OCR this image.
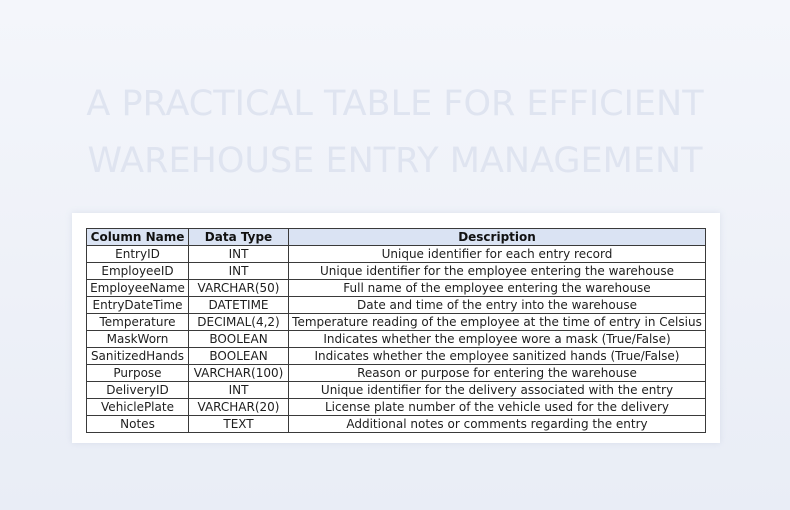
A PRACTICAL TABLE FOR EFFICIENT
WAREHOUSE ENTRY MANAGEMENT
Column Name	Data Type	Description
EntryID	INT	Unique identifier for each entry record
EmployeeID	INT	Unique identifier for the employee entering the warehouse
EmployeeName	VARCHAR(50)	Full name of the employee entering the warehouse
EntryDateTime	DATETIME	Date and time of the entry into the warehouse
Temperature	DECIMAL(4,2)	Temperature reading of the employee at the time of entry in Celsius
MaskWorn	BOOLEAN	Indicates whether the employee wore a mask (True/False)
SanitizedHands	BOOLEAN	Indicates whether the employee sanitized hands (True/False)
Purpose	VARCHAR(100)	Reason or purpose for entering the warehouse
DeliveryID	INT	Unique identifier for the delivery associated with the entry
VehiclePlate	VARCHAR(20)	License plate number of the vehicle used for the delivery
Notes	TEXT	Additional notes or comments regarding the entry
